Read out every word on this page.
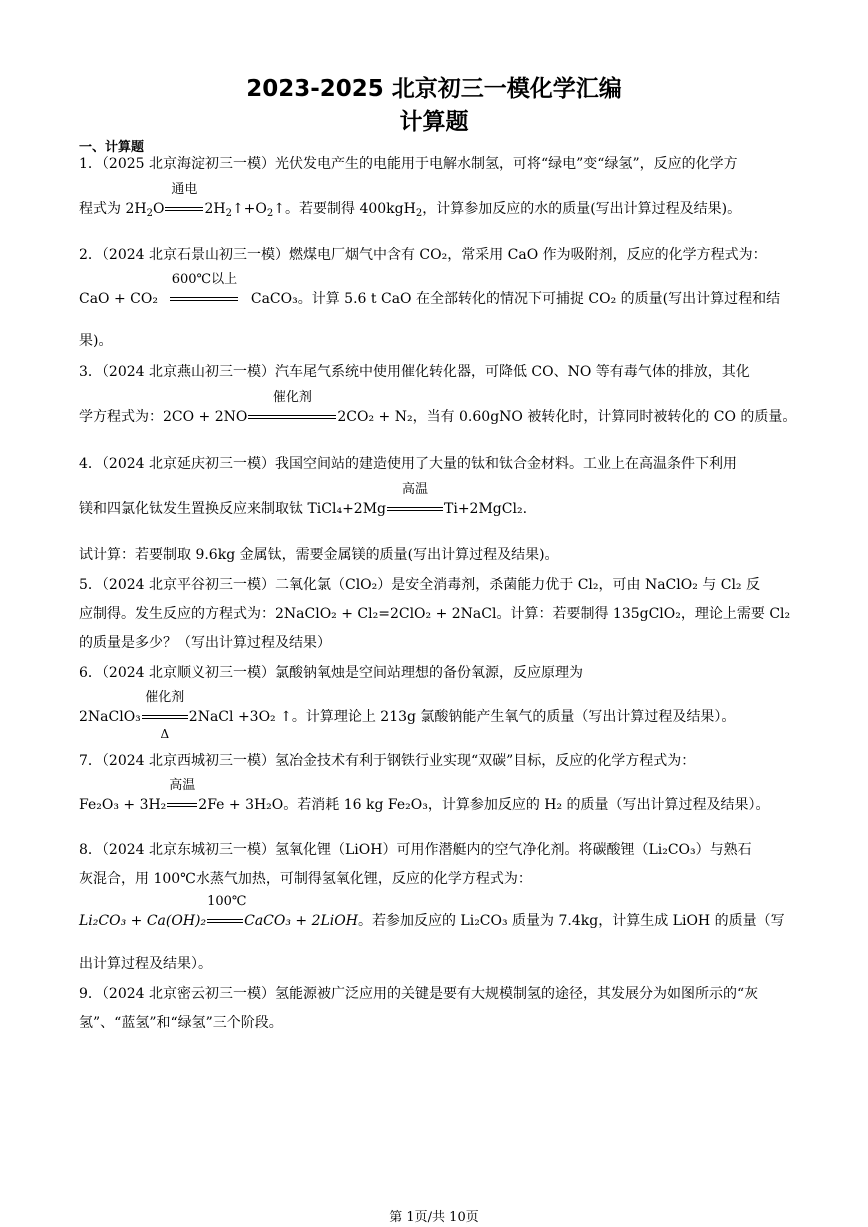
2023-2025 北京初三一模化学汇编
计算题
一、计算题
1．（2025 北京海淀初三一模）光伏发电产生的电能用于电解水制氢，可将“绿电”变“绿氢”，反应的化学方
程式为 $2H_2O$
通电
$2H_2↑+O_2↑$。若要制得 400kgH$_2$，计算参加反应的水的质量(写出计算过程及结果)。
2．（2024 北京石景山初三一模）燃煤电厂烟气中含有 CO₂，常采用 CaO 作为吸附剂，反应的化学方程式为：
CaO + CO₂
600℃以上
CaCO₃。计算 5.6 t CaO 在全部转化的情况下可捕捉 CO₂ 的质量(写出计算过程和结
果)。
3．（2024 北京燕山初三一模）汽车尾气系统中使用催化转化器，可降低 CO、NO 等有毒气体的排放，其化
学方程式为：2CO + 2NO
催化剂
2CO₂ + N₂，当有 0.60gNO 被转化时，计算同时被转化的 CO 的质量。
4．（2024 北京延庆初三一模）我国空间站的建造使用了大量的钛和钛合金材料。工业上在高温条件下利用
镁和四氯化钛发生置换反应来制取钛 TiCl₄+2Mg
高温
Ti+2MgCl₂.
试计算：若要制取 9.6kg 金属钛，需要金属镁的质量(写出计算过程及结果)。
5．（2024 北京平谷初三一模）二氧化氯（ClO₂）是安全消毒剂，杀菌能力优于 Cl₂，可由 NaClO₂ 与 Cl₂ 反
应制得。发生反应的方程式为：2NaClO₂ + Cl₂=2ClO₂ + 2NaCl。计算：若要制得 135gClO₂，理论上需要 Cl₂
的质量是多少？（写出计算过程及结果）
6．（2024 北京顺义初三一模）氯酸钠氧烛是空间站理想的备份氧源，反应原理为
2NaClO₃
催化剂
Δ
2NaCl +3O₂ ↑。计算理论上 213g 氯酸钠能产生氧气的质量（写出计算过程及结果）。
7．（2024 北京西城初三一模）氢冶金技术有利于钢铁行业实现“双碳”目标，反应的化学方程式为：
Fe₂O₃ + 3H₂
高温
2Fe + 3H₂O。若消耗 16 kg Fe₂O₃，计算参加反应的 H₂ 的质量（写出计算过程及结果）。
8．（2024 北京东城初三一模）氢氧化锂（LiOH）可用作潜艇内的空气净化剂。将碳酸锂（Li₂CO₃）与熟石
灰混合，用 100℃水蒸气加热，可制得氢氧化锂，反应的化学方程式为：
Li₂CO₃ + Ca(OH)₂
100℃
CaCO₃ + 2LiOH。若参加反应的 Li₂CO₃ 质量为 7.4kg，计算生成 LiOH 的质量（写
出计算过程及结果）。
9．（2024 北京密云初三一模）氢能源被广泛应用的关键是要有大规模制氢的途径，其发展分为如图所示的“灰
氢”、“蓝氢”和“绿氢”三个阶段。
第 1页/共 10页
